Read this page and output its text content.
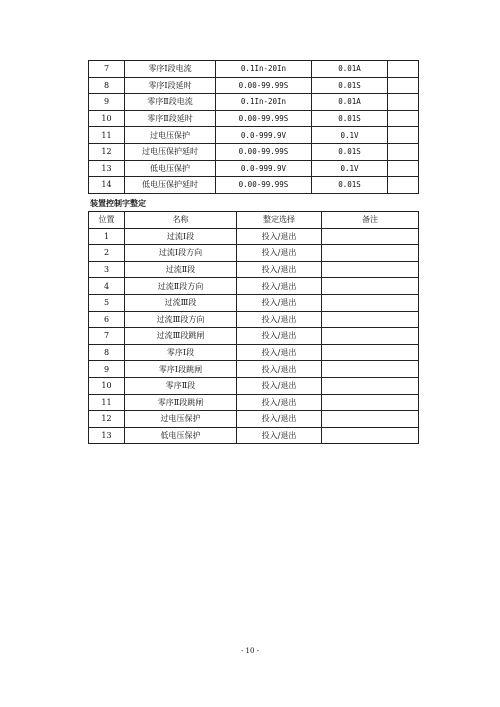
7	零序Ⅰ段电流	0.1In-20In	0.01A	
8	零序Ⅰ段延时	0.00-99.99S	0.01S	
9	零序Ⅱ段电流	0.1In-20In	0.01A	
10	零序Ⅱ段延时	0.00-99.99S	0.01S	
11	过电压保护	0.0-999.9V	0.1V	
12	过电压保护延时	0.00-99.99S	0.01S	
13	低电压保护	0.0-999.9V	0.1V	
14	低电压保护延时	0.00-99.99S	0.01S	
装置控制字整定
位置	名称	整定选择	备注
1	过流Ⅰ段	投入/退出	
2	过流Ⅰ段方向	投入/退出	
3	过流Ⅱ段	投入/退出	
4	过流Ⅱ段方向	投入/退出	
5	过流Ⅲ段	投入/退出	
6	过流Ⅲ段方向	投入/退出	
7	过流Ⅲ段跳闸	投入/退出	
8	零序Ⅰ段	投入/退出	
9	零序Ⅰ段跳闸	投入/退出	
10	零序Ⅱ段	投入/退出	
11	零序Ⅱ段跳闸	投入/退出	
12	过电压保护	投入/退出	
13	低电压保护	投入/退出	
- 10 -
